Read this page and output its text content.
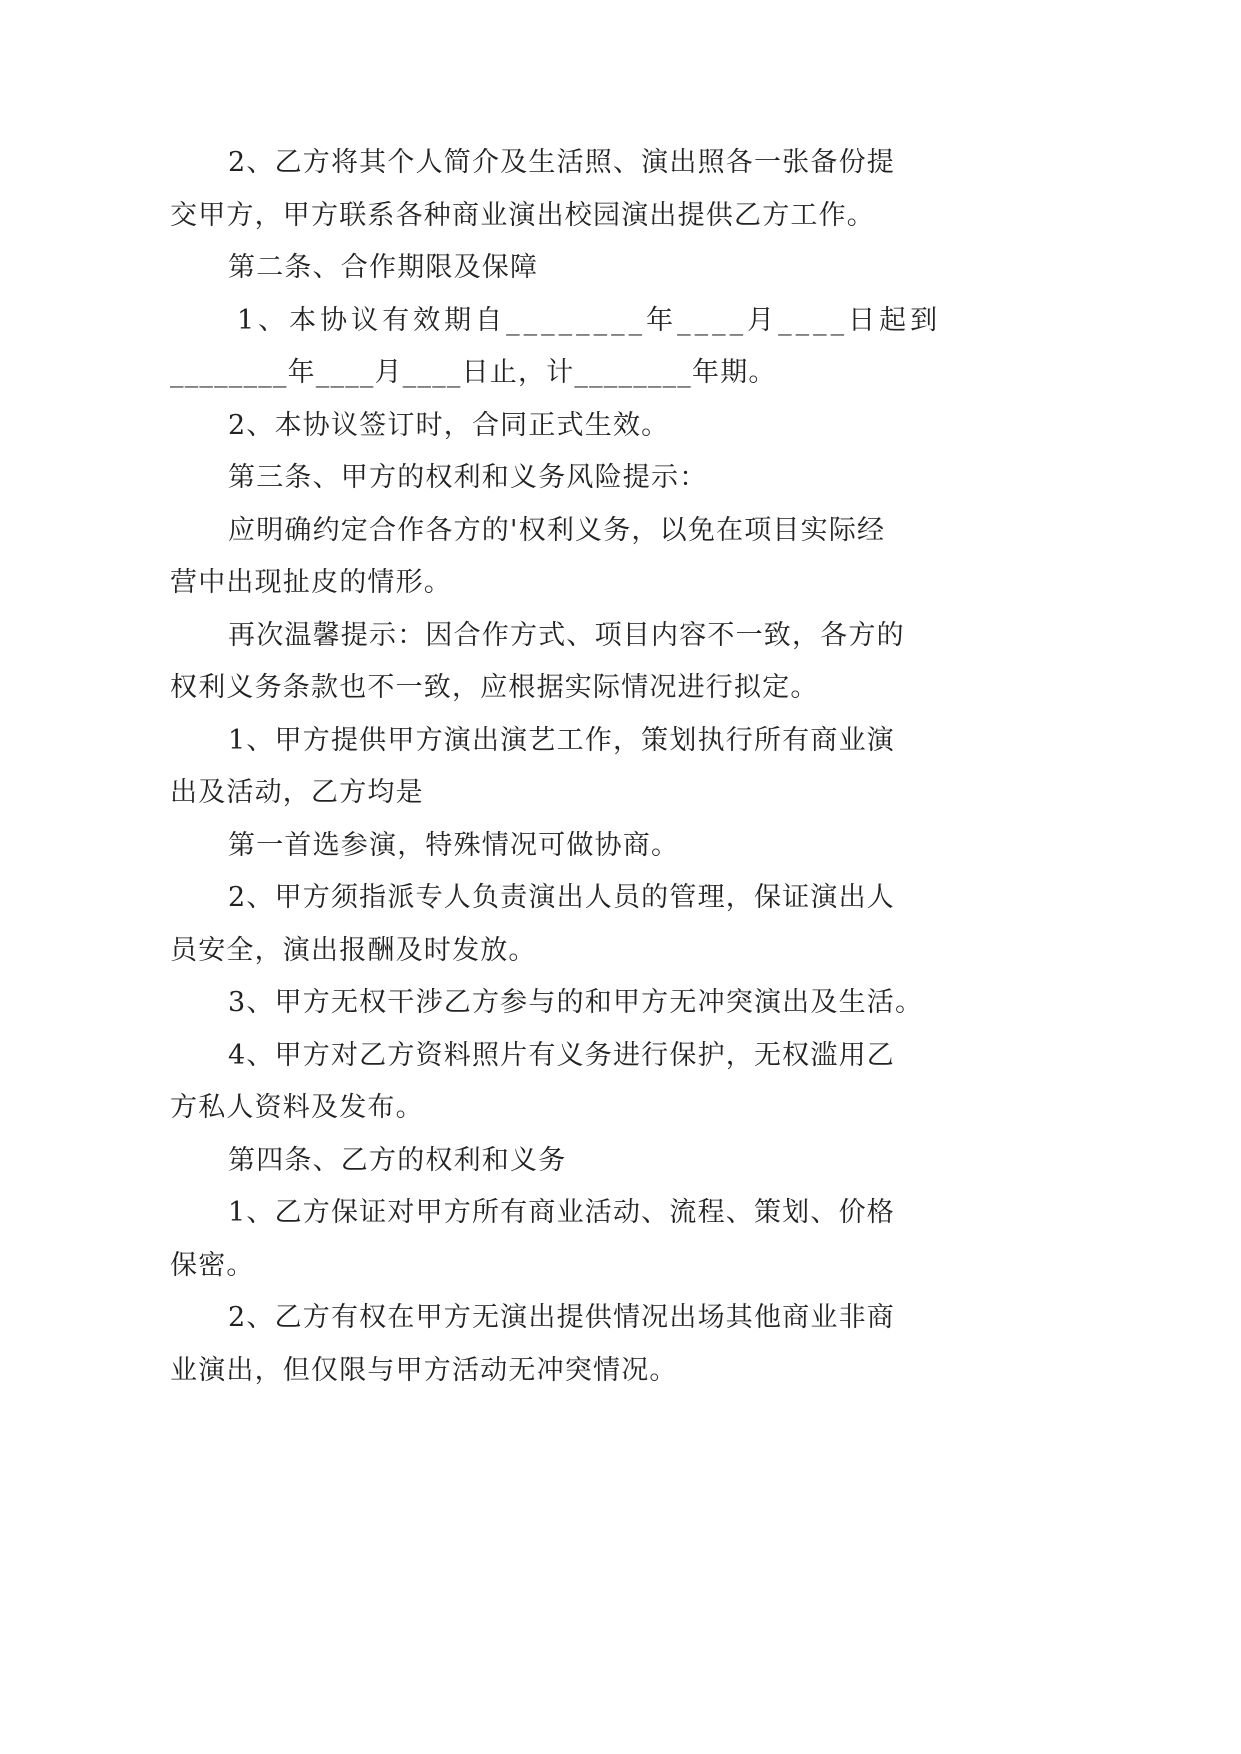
2、乙方将其个人简介及生活照、演出照各一张备份提
交甲方，甲方联系各种商业演出校园演出提供乙方工作。
第二条、合作期限及保障
1、本协议有效期自________年____月____日起到
________年____月____日止，计________年期。
2、本协议签订时，合同正式生效。
第三条、甲方的权利和义务风险提示：
应明确约定合作各方的'权利义务，以免在项目实际经
营中出现扯皮的情形。
再次温馨提示：因合作方式、项目内容不一致，各方的
权利义务条款也不一致，应根据实际情况进行拟定。
1、甲方提供甲方演出演艺工作，策划执行所有商业演
出及活动，乙方均是
第一首选参演，特殊情况可做协商。
2、甲方须指派专人负责演出人员的管理，保证演出人
员安全，演出报酬及时发放。
3、甲方无权干涉乙方参与的和甲方无冲突演出及生活。
4、甲方对乙方资料照片有义务进行保护，无权滥用乙
方私人资料及发布。
第四条、乙方的权利和义务
1、乙方保证对甲方所有商业活动、流程、策划、价格
保密。
2、乙方有权在甲方无演出提供情况出场其他商业非商
业演出，但仅限与甲方活动无冲突情况。
